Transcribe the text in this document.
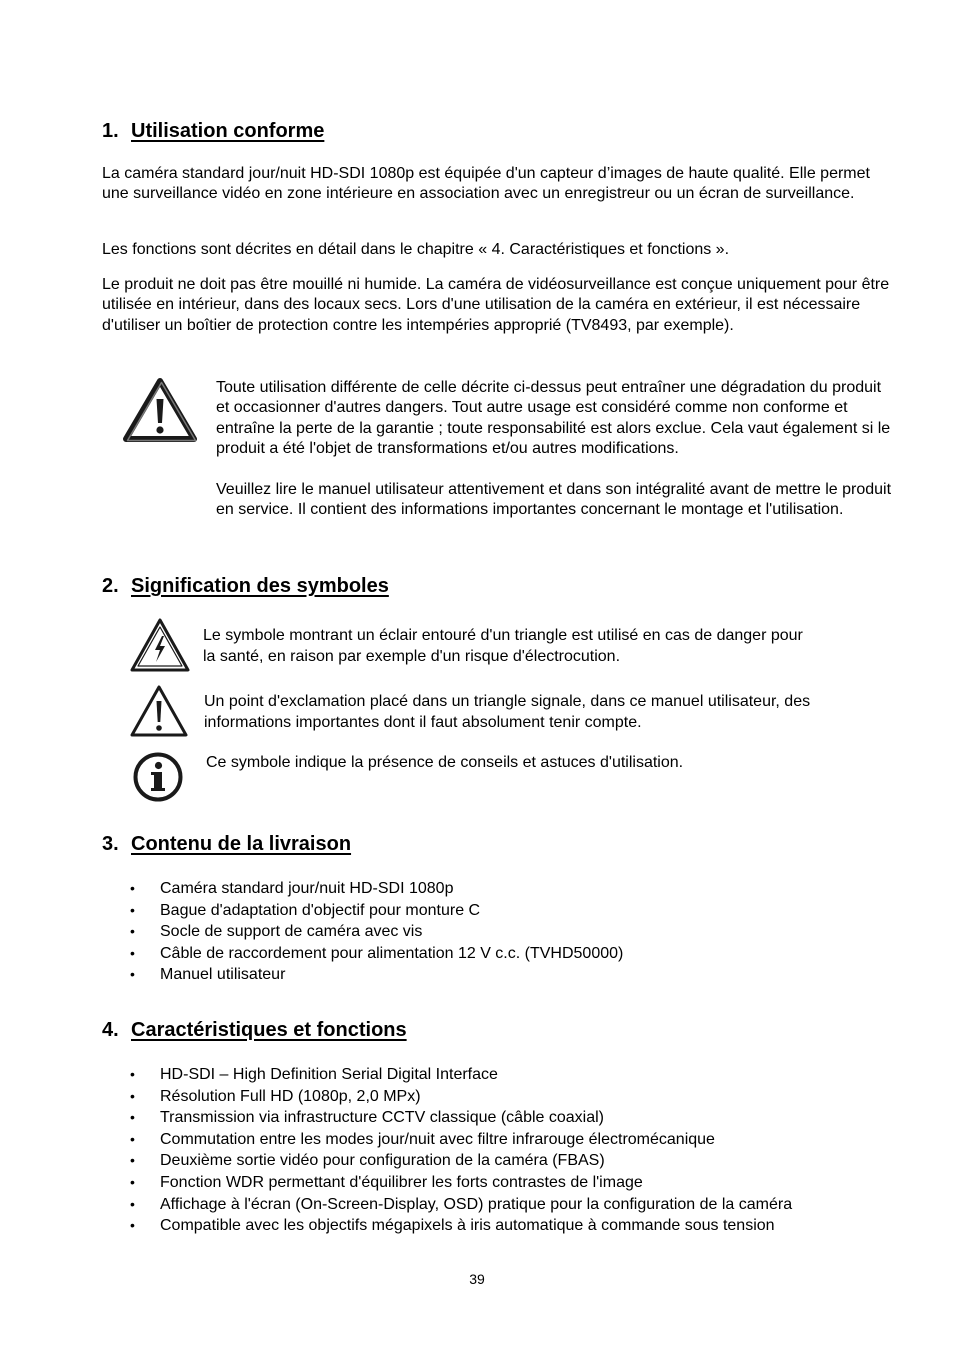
1. Utilisation conforme

La caméra standard jour/nuit HD-SDI 1080p est équipée d'un capteur d’images de haute qualité. Elle permet une surveillance vidéo en zone intérieure en association avec un enregistreur ou un écran de surveillance.

Les fonctions sont décrites en détail dans le chapitre « 4. Caractéristiques et fonctions ».

Le produit ne doit pas être mouillé ni humide. La caméra de vidéosurveillance est conçue uniquement pour être utilisée en intérieur, dans des locaux secs. Lors d'une utilisation de la caméra en extérieur, il est nécessaire d'utiliser un boîtier de protection contre les intempéries approprié (TV8493, par exemple).

Toute utilisation différente de celle décrite ci-dessus peut entraîner une dégradation du produit et occasionner d'autres dangers. Tout autre usage est considéré comme non conforme et entraîne la perte de la garantie ; toute responsabilité est alors exclue. Cela vaut également si le produit a été l'objet de transformations et/ou autres modifications.

Veuillez lire le manuel utilisateur attentivement et dans son intégralité avant de mettre le produit en service. Il contient des informations importantes concernant le montage et l'utilisation.

2. Signification des symboles

Le symbole montrant un éclair entouré d'un triangle est utilisé en cas de danger pour la santé, en raison par exemple d'un risque d'électrocution.

Un point d'exclamation placé dans un triangle signale, dans ce manuel utilisateur, des informations importantes dont il faut absolument tenir compte.

Ce symbole indique la présence de conseils et astuces d'utilisation.

3. Contenu de la livraison
• Caméra standard jour/nuit HD-SDI 1080p
• Bague d'adaptation d'objectif pour monture C
• Socle de support de caméra avec vis
• Câble de raccordement pour alimentation 12 V c.c. (TVHD50000)
• Manuel utilisateur
4. Caractéristiques et fonctions
• HD-SDI – High Definition Serial Digital Interface
• Résolution Full HD (1080p, 2,0 MPx)
• Transmission via infrastructure CCTV classique (câble coaxial)
• Commutation entre les modes jour/nuit avec filtre infrarouge électromécanique
• Deuxième sortie vidéo pour configuration de la caméra (FBAS)
• Fonction WDR permettant d'équilibrer les forts contrastes de l'image
• Affichage à l'écran (On-Screen-Display, OSD) pratique pour la configuration de la caméra
• Compatible avec les objectifs mégapixels à iris automatique à commande sous tension
39
